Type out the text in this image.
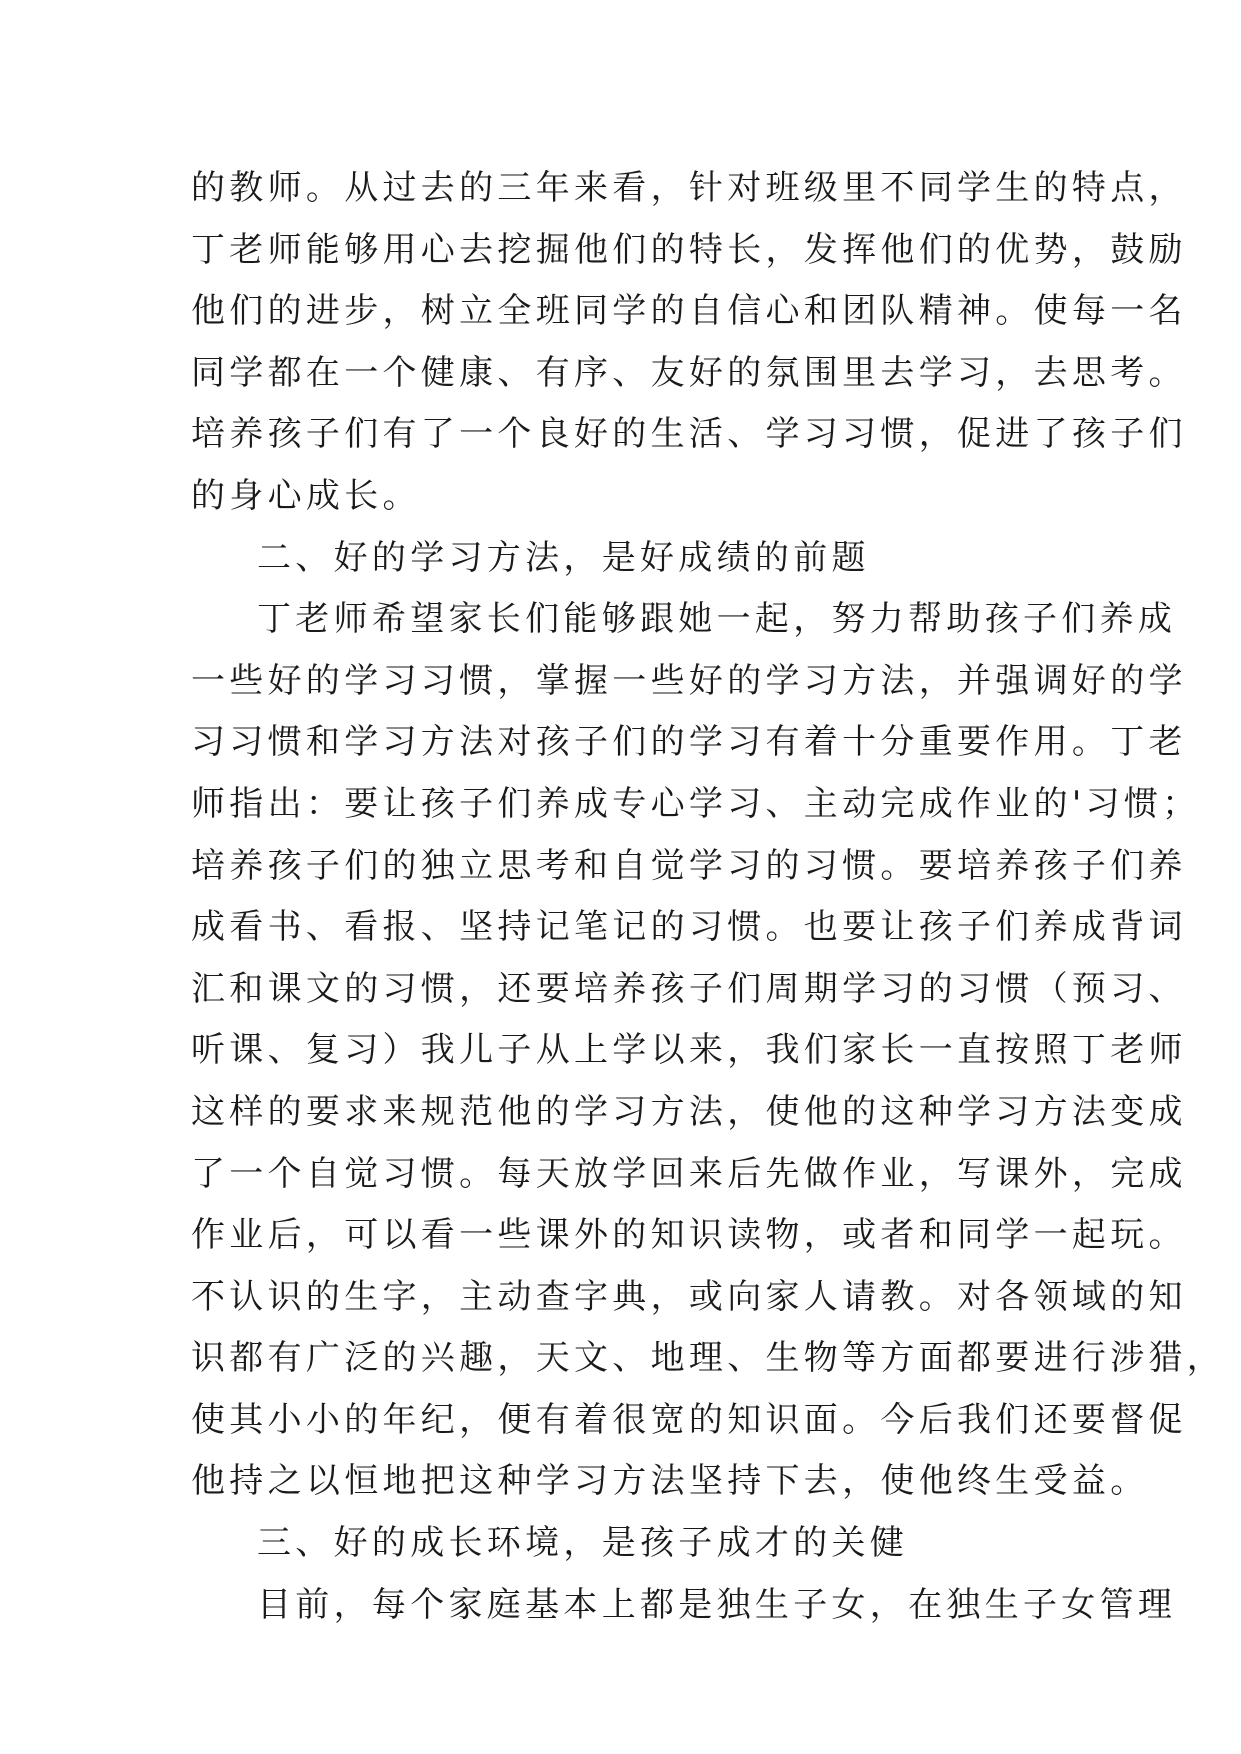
的教师。从过去的三年来看，针对班级里不同学生的特点，
丁老师能够用心去挖掘他们的特长，发挥他们的优势，鼓励
他们的进步，树立全班同学的自信心和团队精神。使每一名
同学都在一个健康、有序、友好的氛围里去学习，去思考。
培养孩子们有了一个良好的生活、学习习惯，促进了孩子们
的身心成长。
二、好的学习方法，是好成绩的前题
丁老师希望家长们能够跟她一起，努力帮助孩子们养成
一些好的学习习惯，掌握一些好的学习方法，并强调好的学
习习惯和学习方法对孩子们的学习有着十分重要作用。丁老
师指出：要让孩子们养成专心学习、主动完成作业的'习惯；
培养孩子们的独立思考和自觉学习的习惯。要培养孩子们养
成看书、看报、坚持记笔记的习惯。也要让孩子们养成背词
汇和课文的习惯，还要培养孩子们周期学习的习惯（预习、
听课、复习）我儿子从上学以来，我们家长一直按照丁老师
这样的要求来规范他的学习方法，使他的这种学习方法变成
了一个自觉习惯。每天放学回来后先做作业，写课外，完成
作业后，可以看一些课外的知识读物，或者和同学一起玩。
不认识的生字，主动查字典，或向家人请教。对各领域的知
识都有广泛的兴趣，天文、地理、生物等方面都要进行涉猎，
使其小小的年纪，便有着很宽的知识面。今后我们还要督促
他持之以恒地把这种学习方法坚持下去，使他终生受益。
三、好的成长环境，是孩子成才的关健
目前，每个家庭基本上都是独生子女，在独生子女管理
